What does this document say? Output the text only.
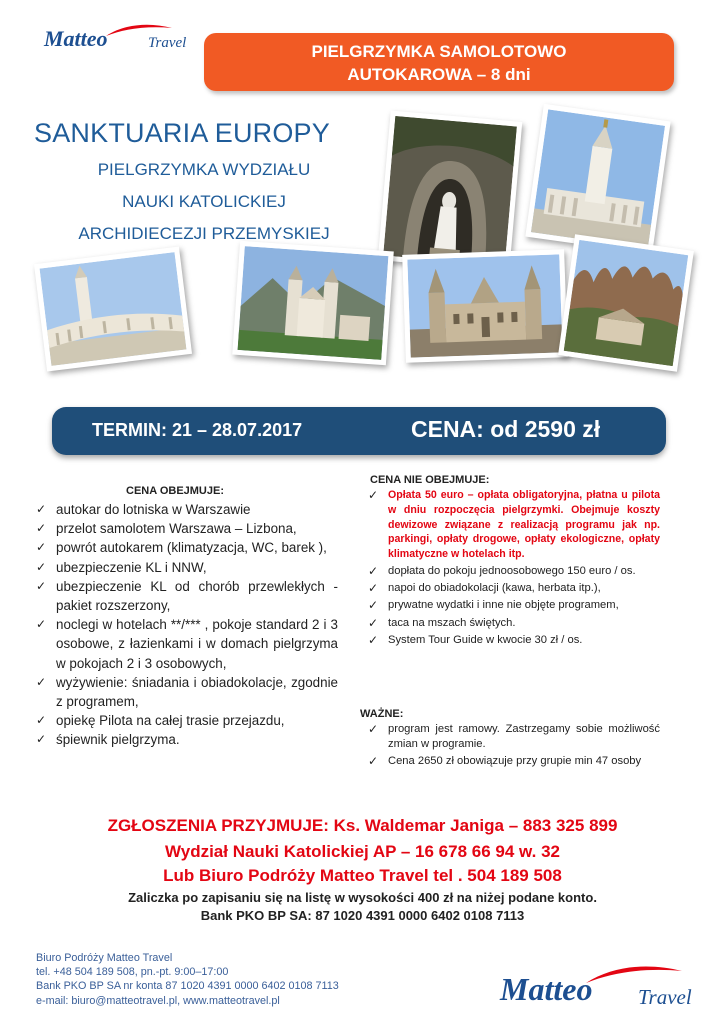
Matteo	Travel	PIELGRZYMKA SAMOLOTOWO
AUTOKAROWA – 8 dni
SANKTUARIA EUROPY
PIELGRZYMKA WYDZIAŁU
NAUKI KATOLICKIEJ
ARCHIDIECEZJI PRZEMYSKIEJ
TERMIN: 21 – 28.07.2017	CENA: od 2590 zł
CENA OBEJMUJE:
✓ autokar do lotniska w Warszawie
✓ przelot samolotem Warszawa – Lizbona,
✓ powrót autokarem (klimatyzacja, WC, barek ),
✓ ubezpieczenie KL i NNW,
✓ ubezpieczenie KL od chorób przewlekłych - pakiet rozszerzony,
✓ noclegi w hotelach **/*** , pokoje standard 2 i 3 osobowe, z łazienkami i w domach pielgrzyma w pokojach 2 i 3 osobowych,
✓ wyżywienie: śniadania i obiadokolacje, zgodnie z programem,
✓ opiekę Pilota na całej trasie przejazdu,
✓ śpiewnik pielgrzyma.
CENA NIE OBEJMUJE:
✓ Opłata 50 euro – opłata obligatoryjna, płatna u pilota w dniu rozpoczęcia pielgrzymki. Obejmuje koszty dewizowe związane z realizacją programu jak np. parkingi, opłaty drogowe, opłaty ekologiczne, opłaty klimatyczne w hotelach itp.
✓ dopłata do pokoju jednoosobowego 150 euro / os.
✓ napoi do obiadokolacji (kawa, herbata itp.),
✓ prywatne wydatki i inne nie objęte programem,
✓ taca na mszach świętych.
✓ System Tour Guide w kwocie 30 zł / os.
WAŻNE:
✓ program jest ramowy. Zastrzegamy sobie możliwość zmian w programie.
✓ Cena 2650 zł obowiązuje przy grupie min 47 osoby
ZGŁOSZENIA PRZYJMUJE: Ks. Waldemar Janiga – 883 325 899
Wydział Nauki Katolickiej AP – 16 678 66 94 w. 32
Lub Biuro Podróży Matteo Travel tel . 504 189 508
Zaliczka po zapisaniu się na listę w wysokości 400 zł na niżej podane konto.
Bank PKO BP SA: 87 1020 4391 0000 6402 0108 7113
Biuro Podróży Matteo Travel
tel. +48 504 189 508, pn.-pt. 9:00–17:00
Bank PKO BP SA nr konta 87 1020 4391 0000 6402 0108 7113
e-mail: biuro@matteotravel.pl, www.matteotravel.pl	Matteo Travel
